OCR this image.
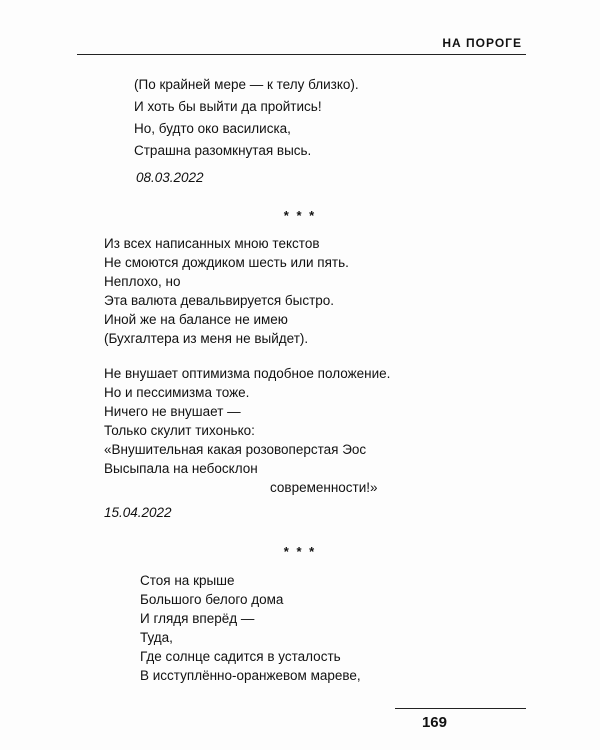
НА ПОРОГЕ
(По крайней мере — к телу близко).
И хоть бы выйти да пройтись!
Но, будто око василиска,
Страшна разомкнутая высь.
08.03.2022
* * *
Из всех написанных мною текстов
Не смоются дождиком шесть или пять.
Неплохо, но
Эта валюта девальвируется быстро.
Иной же на балансе не имею
(Бухгалтера из меня не выйдет).
Не внушает оптимизма подобное положение.
Но и пессимизма тоже.
Ничего не внушает —
Только скулит тихонько:
«Внушительная какая розовоперстая Эос
Высыпала на небосклон
современности!»
15.04.2022
* * *
Стоя на крыше
Большого белого дома
И глядя вперёд —
Туда,
Где солнце садится в усталость
В исступлённо-оранжевом мареве,
169
